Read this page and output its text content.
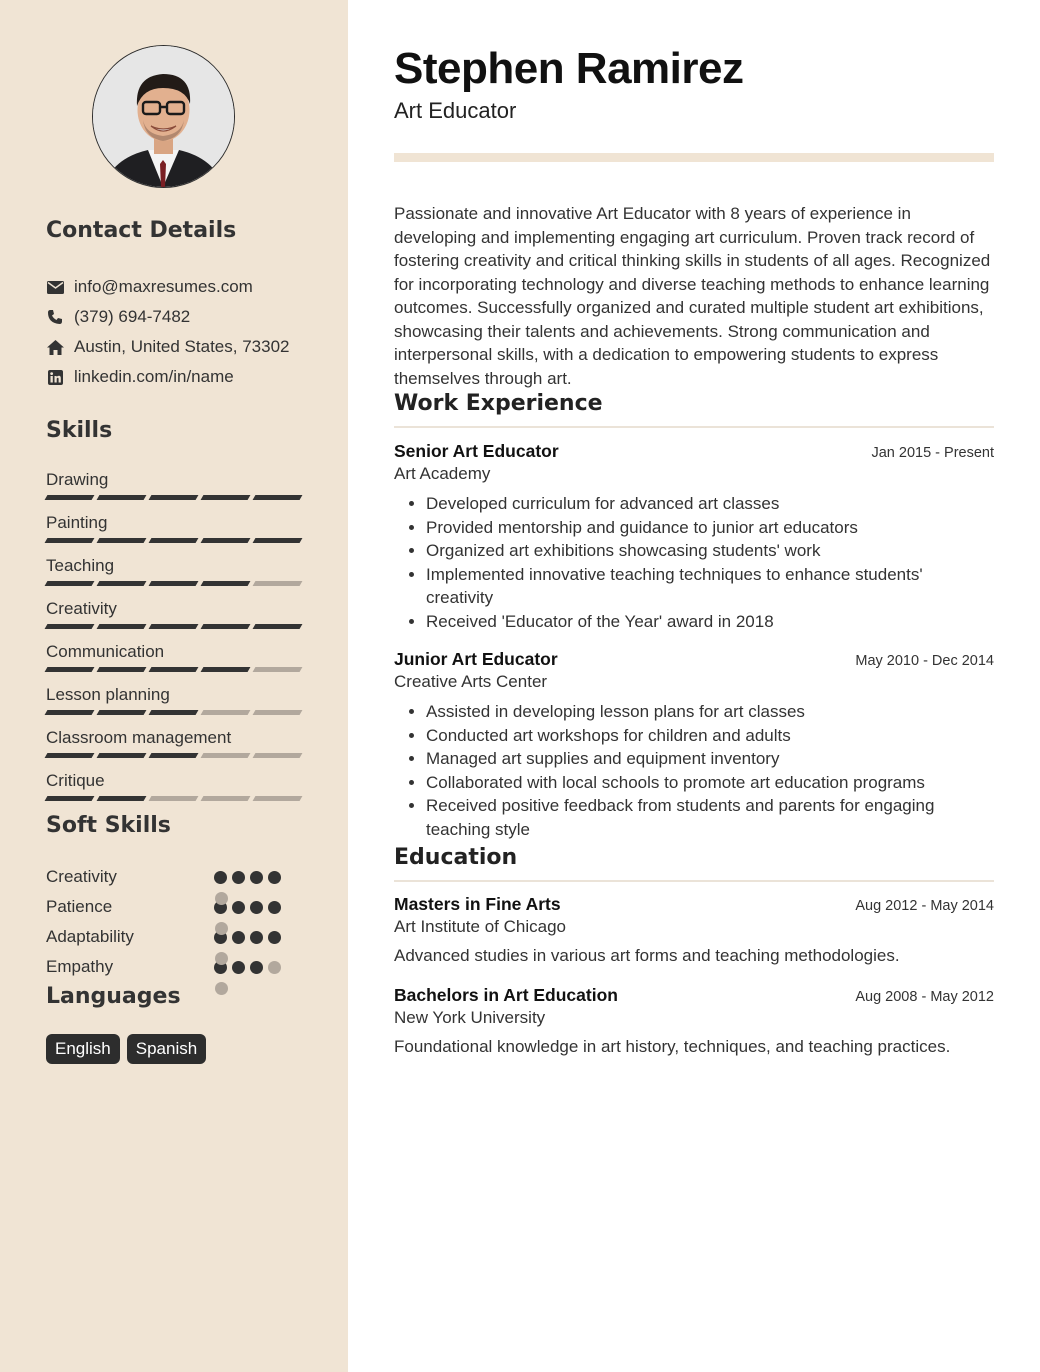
Contact Details
info@maxresumes.com
(379) 694-7482
Austin, United States, 73302
linkedin.com/in/name
Skills
Drawing
Painting
Teaching
Creativity
Communication
Lesson planning
Classroom management
Critique
Soft Skills
Creativity
Patience
Adaptability
Empathy
Languages
English	Spanish
Stephen Ramirez
Art Educator

Passionate and innovative Art Educator with 8 years of experience in developing and implementing engaging art curriculum. Proven track record of fostering creativity and critical thinking skills in students of all ages. Recognized for incorporating technology and diverse teaching methods to enhance learning outcomes. Successfully organized and curated multiple student art exhibitions, showcasing their talents and achievements. Strong communication and interpersonal skills, with a dedication to empowering students to express themselves through art.

Work Experience
Senior Art Educator	Jan 2015 - Present
Art Academy
• Developed curriculum for advanced art classes
• Provided mentorship and guidance to junior art educators
• Organized art exhibitions showcasing students' work
• Implemented innovative teaching techniques to enhance students' creativity
• Received 'Educator of the Year' award in 2018
Junior Art Educator	May 2010 - Dec 2014
Creative Arts Center
• Assisted in developing lesson plans for art classes
• Conducted art workshops for children and adults
• Managed art supplies and equipment inventory
• Collaborated with local schools to promote art education programs
• Received positive feedback from students and parents for engaging teaching style
Education
Masters in Fine Arts	Aug 2012 - May 2014
Art Institute of Chicago
Advanced studies in various art forms and teaching methodologies.
Bachelors in Art Education	Aug 2008 - May 2012
New York University
Foundational knowledge in art history, techniques, and teaching practices.
